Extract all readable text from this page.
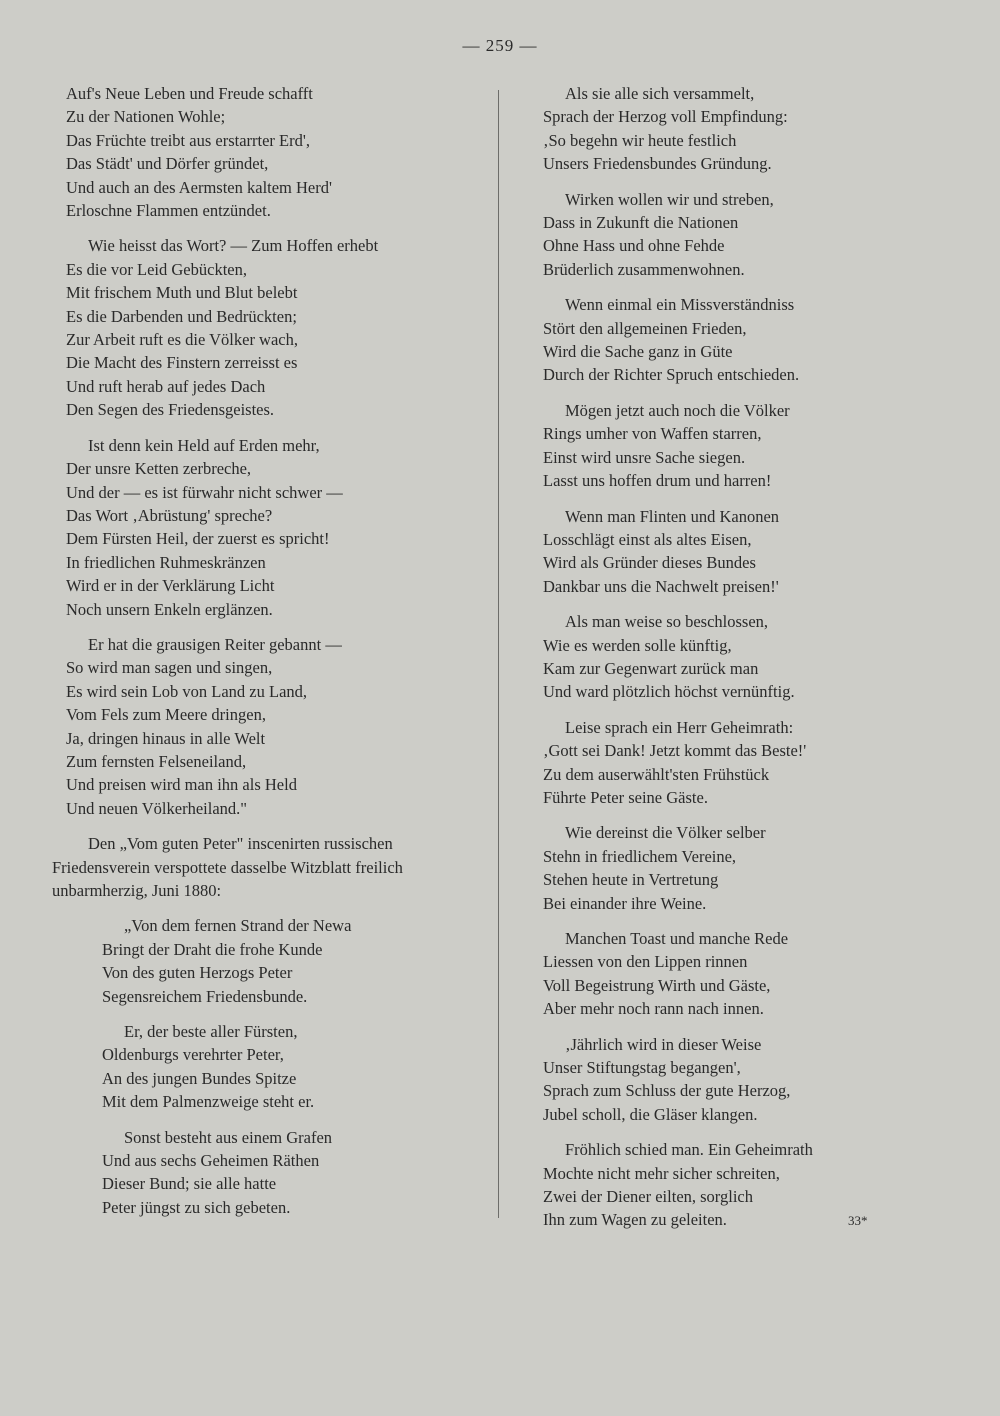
— 259 —
Auf's Neue Leben und Freude schafft
Zu der Nationen Wohle;
Das Früchte treibt aus erstarrter Erd',
Das Städt' und Dörfer gründet,
Und auch an des Aermsten kaltem Herd'
Erloschne Flammen entzündet.
Wie heisst das Wort? — Zum Hoffen erhebt
Es die vor Leid Gebückten,
Mit frischem Muth und Blut belebt
Es die Darbenden und Bedrückten;
Zur Arbeit ruft es die Völker wach,
Die Macht des Finstern zerreisst es
Und ruft herab auf jedes Dach
Den Segen des Friedensgeistes.
Ist denn kein Held auf Erden mehr,
Der unsre Ketten zerbreche,
Und der — es ist fürwahr nicht schwer —
Das Wort ‚Abrüstung' spreche?
Dem Fürsten Heil, der zuerst es spricht!
In friedlichen Ruhmeskränzen
Wird er in der Verklärung Licht
Noch unsern Enkeln erglänzen.
Er hat die grausigen Reiter gebannt —
So wird man sagen und singen,
Es wird sein Lob von Land zu Land,
Vom Fels zum Meere dringen,
Ja, dringen hinaus in alle Welt
Zum fernsten Felseneiland,
Und preisen wird man ihn als Held
Und neuen Völkerheiland."
Den „Vom guten Peter" inscenirten russischen
Friedensverein verspottete dasselbe Witzblatt freilich
unbarmherzig, Juni 1880:
„Von dem fernen Strand der Newa
Bringt der Draht die frohe Kunde
Von des guten Herzogs Peter
Segensreichem Friedensbunde.
Er, der beste aller Fürsten,
Oldenburgs verehrter Peter,
An des jungen Bundes Spitze
Mit dem Palmenzweige steht er.
Sonst besteht aus einem Grafen
Und aus sechs Geheimen Räthen
Dieser Bund; sie alle hatte
Peter jüngst zu sich gebeten.
Als sie alle sich versammelt,
Sprach der Herzog voll Empfindung:
‚So begehn wir heute festlich
Unsers Friedensbundes Gründung.
Wirken wollen wir und streben,
Dass in Zukunft die Nationen
Ohne Hass und ohne Fehde
Brüderlich zusammenwohnen.
Wenn einmal ein Missverständniss
Stört den allgemeinen Frieden,
Wird die Sache ganz in Güte
Durch der Richter Spruch entschieden.
Mögen jetzt auch noch die Völker
Rings umher von Waffen starren,
Einst wird unsre Sache siegen.
Lasst uns hoffen drum und harren!
Wenn man Flinten und Kanonen
Losschlägt einst als altes Eisen,
Wird als Gründer dieses Bundes
Dankbar uns die Nachwelt preisen!'
Als man weise so beschlossen,
Wie es werden solle künftig,
Kam zur Gegenwart zurück man
Und ward plötzlich höchst vernünftig.
Leise sprach ein Herr Geheimrath:
‚Gott sei Dank! Jetzt kommt das Beste!'
Zu dem auserwählt'sten Frühstück
Führte Peter seine Gäste.
Wie dereinst die Völker selber
Stehn in friedlichem Vereine,
Stehen heute in Vertretung
Bei einander ihre Weine.
Manchen Toast und manche Rede
Liessen von den Lippen rinnen
Voll Begeistrung Wirth und Gäste,
Aber mehr noch rann nach innen.
‚Jährlich wird in dieser Weise
Unser Stiftungstag begangen',
Sprach zum Schluss der gute Herzog,
Jubel scholl, die Gläser klangen.
Fröhlich schied man. Ein Geheimrath
Mochte nicht mehr sicher schreiten,
Zwei der Diener eilten, sorglich
Ihn zum Wagen zu geleiten.	33*
